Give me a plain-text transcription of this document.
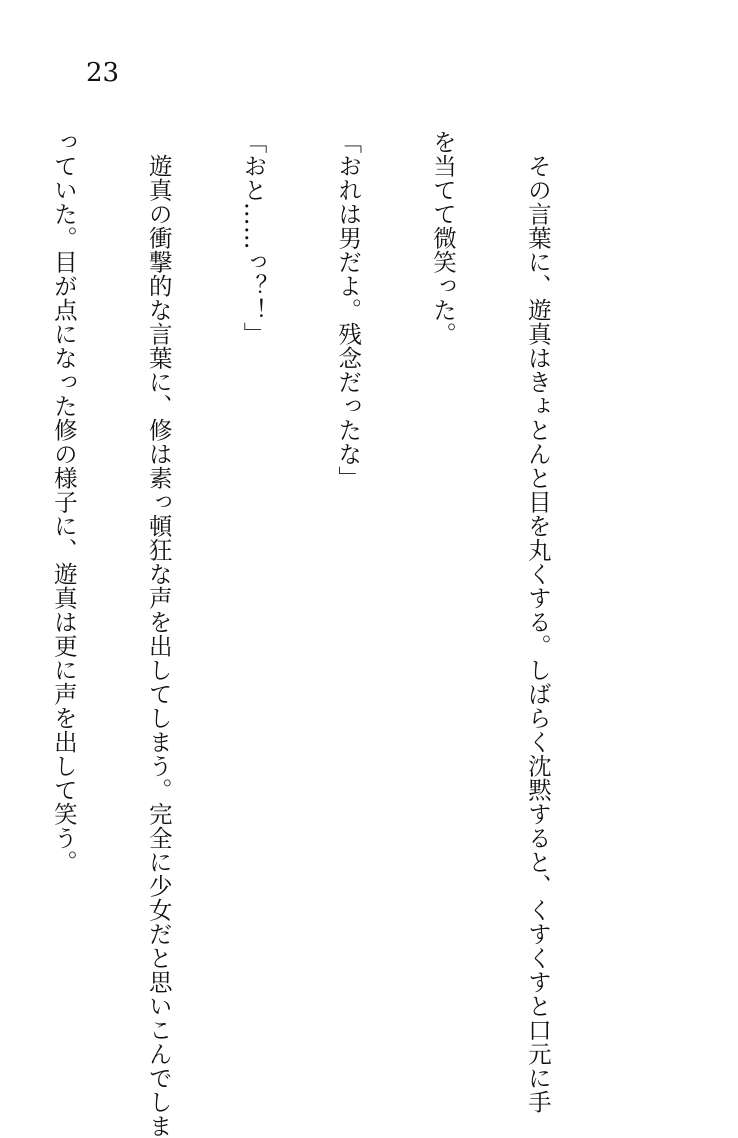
23

　その言葉に、遊真はきょとんと目を丸くする。しばらく沈黙すると、くすくすと口元に手

を当てて微笑った。

「おれは男だよ。残念だったな」

「おと……っ？！」

　遊真の衝撃的な言葉に、修は素っ頓狂な声を出してしまう。完全に少女だと思いこんでしま

っていた。目が点になった修の様子に、遊真は更に声を出して笑う。
